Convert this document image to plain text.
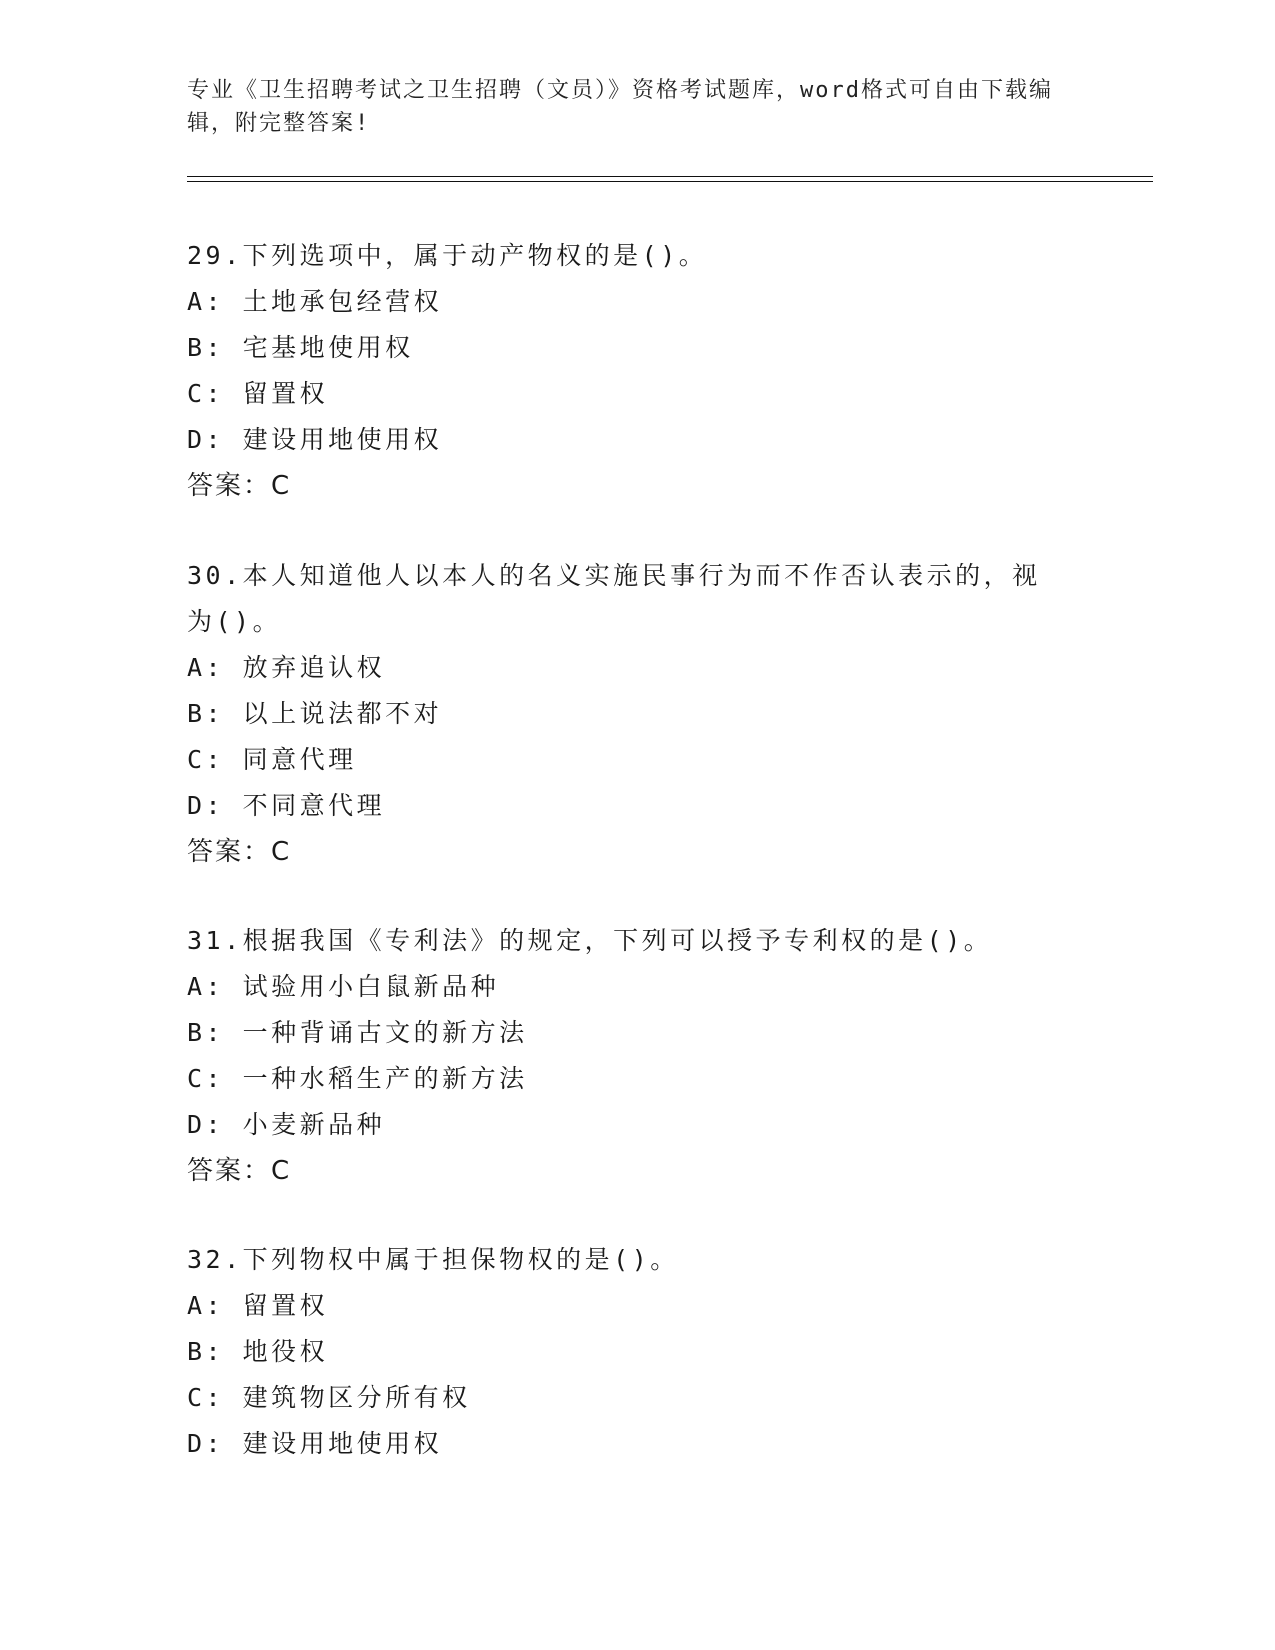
专业《卫生招聘考试之卫生招聘（文员）》资格考试题库，word格式可自由下载编辑，附完整答案!
29.下列选项中，属于动产物权的是()。
A: 土地承包经营权
B: 宅基地使用权
C: 留置权
D: 建设用地使用权
答案：C
30.本人知道他人以本人的名义实施民事行为而不作否认表示的，视为()。
A: 放弃追认权
B: 以上说法都不对
C: 同意代理
D: 不同意代理
答案：C
31.根据我国《专利法》的规定，下列可以授予专利权的是()。
A: 试验用小白鼠新品种
B: 一种背诵古文的新方法
C: 一种水稻生产的新方法
D: 小麦新品种
答案：C
32.下列物权中属于担保物权的是()。
A: 留置权
B: 地役权
C: 建筑物区分所有权
D: 建设用地使用权
